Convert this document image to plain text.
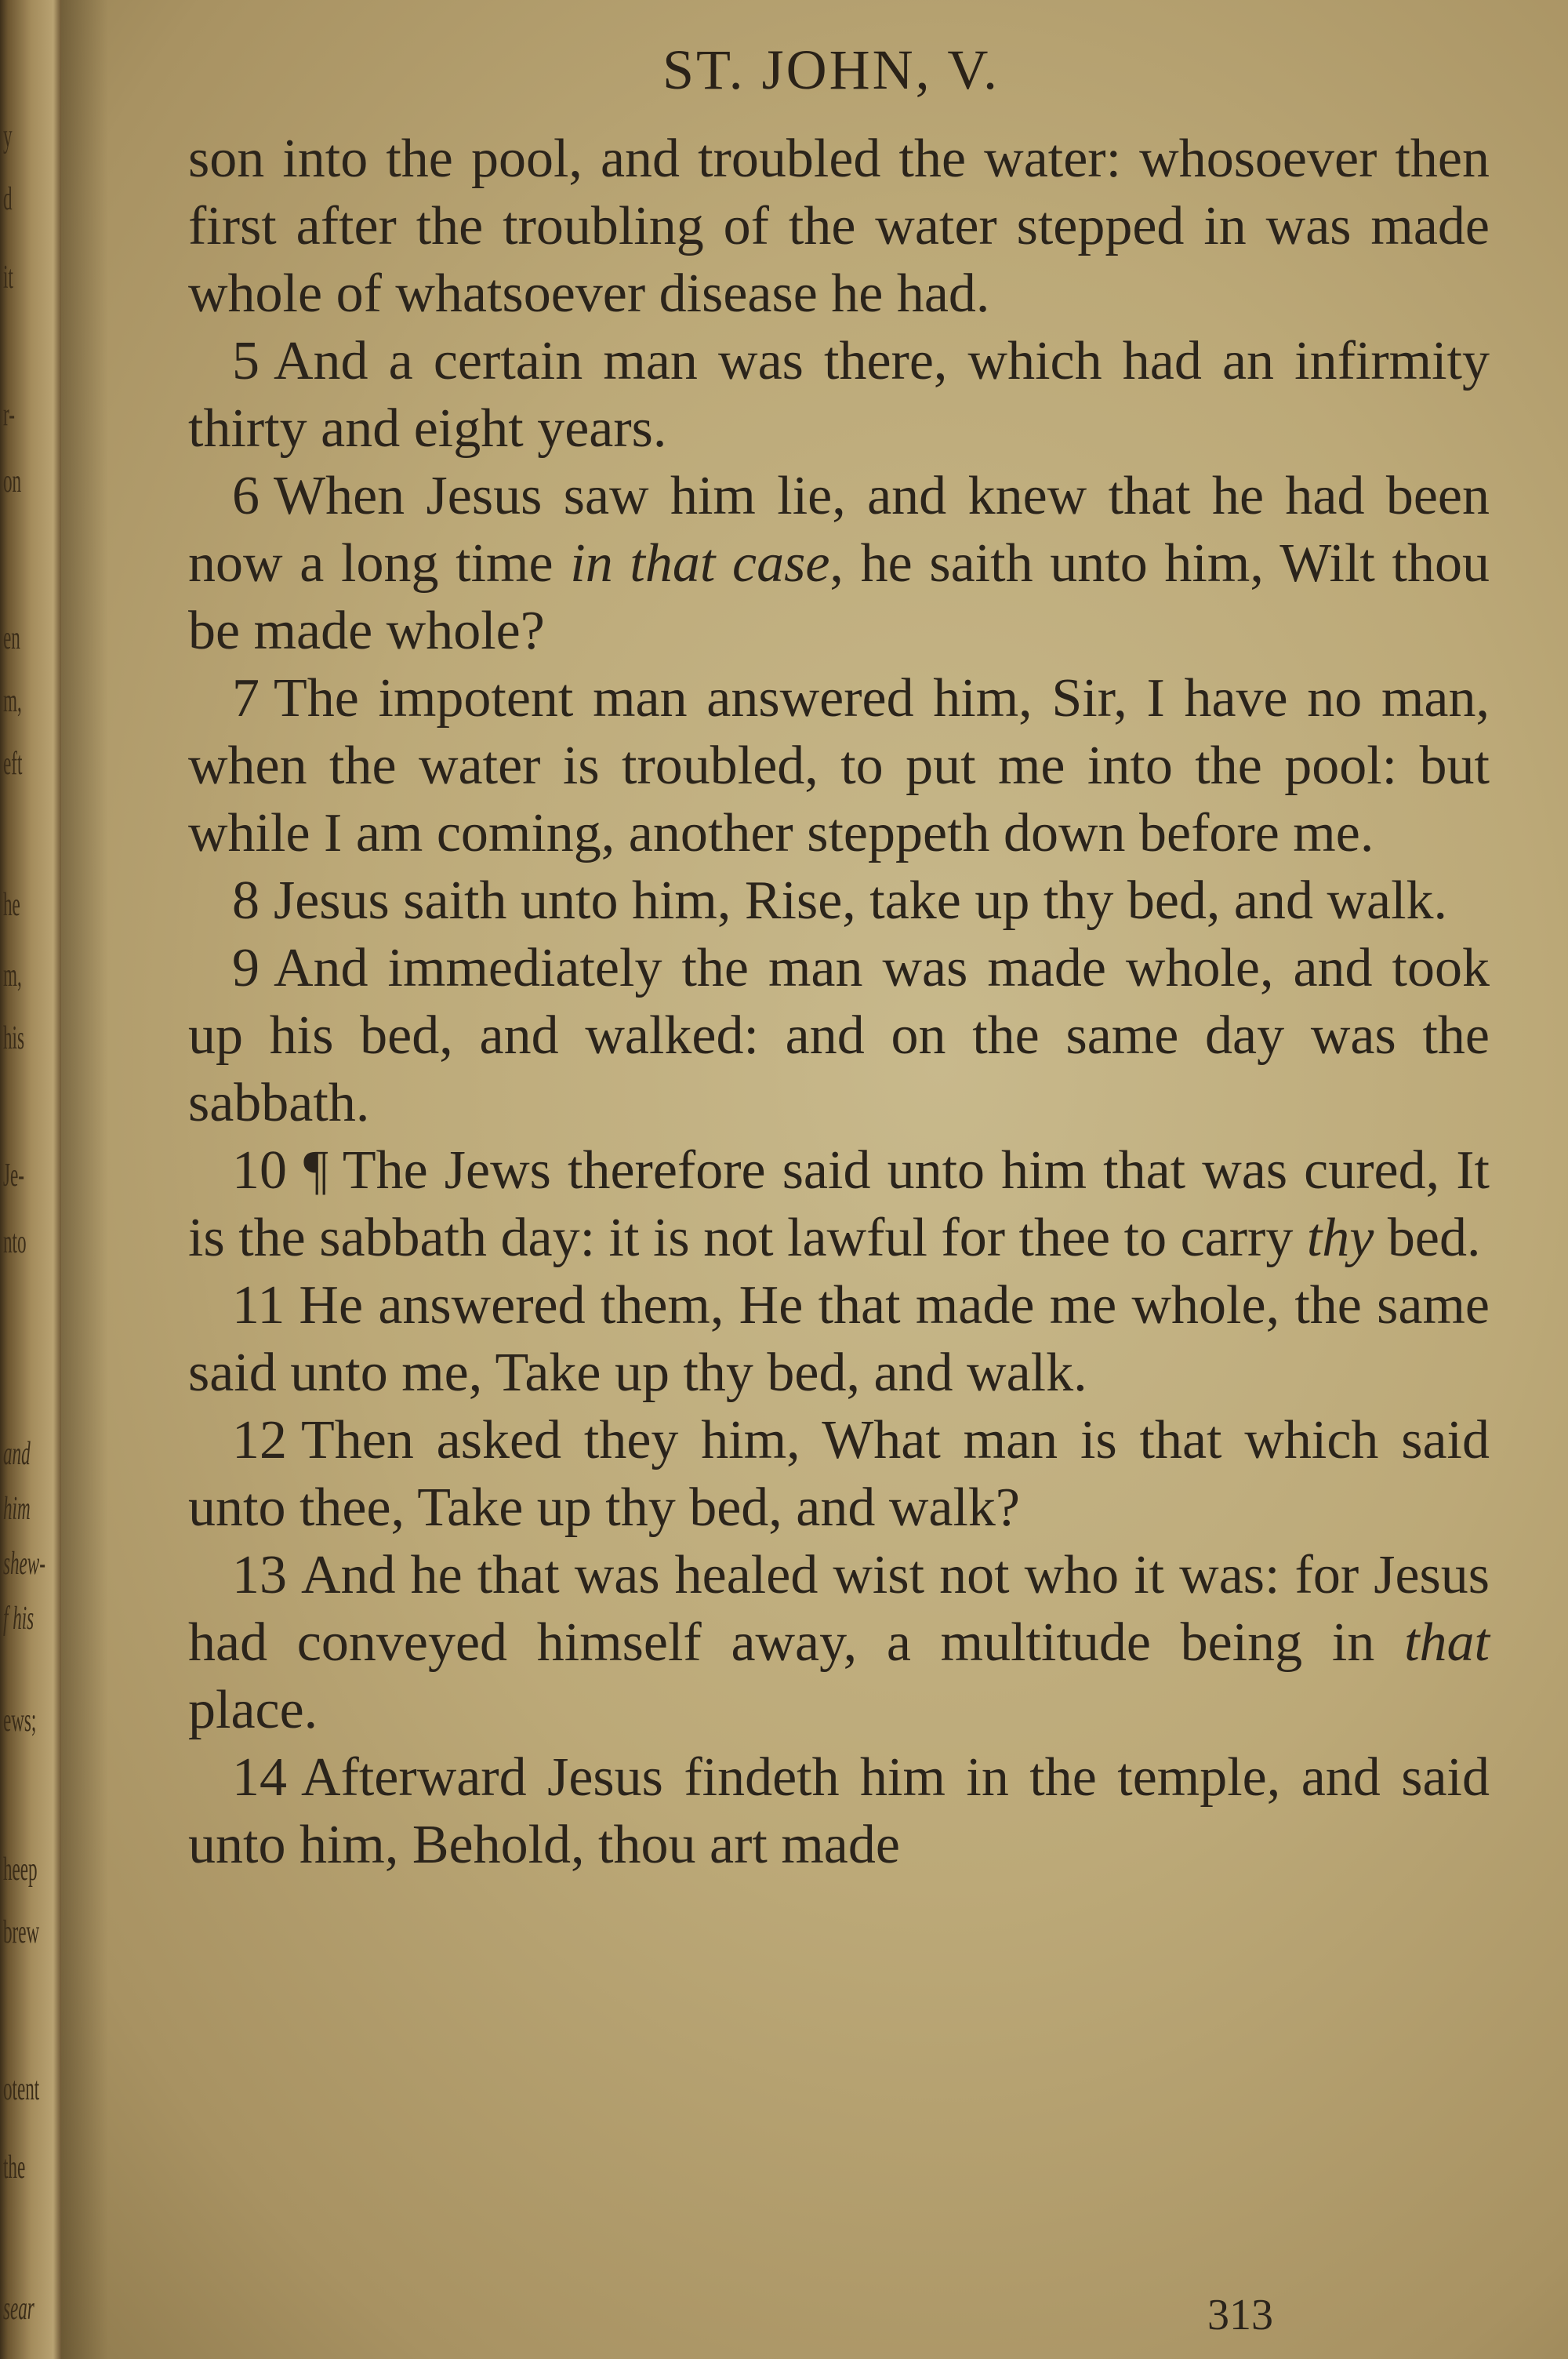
y
d
it
r-
on
en
m,
eft
he
m,
his
Je-
nto
and
him
shew-
f his
ews;
heep
brew
otent
the
sear
ST. JOHN, V.

son into the pool, and troubled the water: whosoever then first after the troubling of the water stepped in was made whole of whatsoever disease he had.

5 And a certain man was there, which had an infirmity thirty and eight years.

6 When Jesus saw him lie, and knew that he had been now a long time in that case, he saith unto him, Wilt thou be made whole?

7 The impotent man answered him, Sir, I have no man, when the water is troubled, to put me into the pool: but while I am coming, another steppeth down before me.

8 Jesus saith unto him, Rise, take up thy bed, and walk.

9 And immediately the man was made whole, and took up his bed, and walked: and on the same day was the sabbath.

10 ¶ The Jews therefore said unto him that was cured, It is the sabbath day: it is not lawful for thee to carry thy bed.

11 He answered them, He that made me whole, the same said unto me, Take up thy bed, and walk.

12 Then asked they him, What man is that which said unto thee, Take up thy bed, and walk?

13 And he that was healed wist not who it was: for Jesus had conveyed himself away, a multitude being in that place.

14 Afterward Jesus findeth him in the temple, and said unto him, Behold, thou art made

313
